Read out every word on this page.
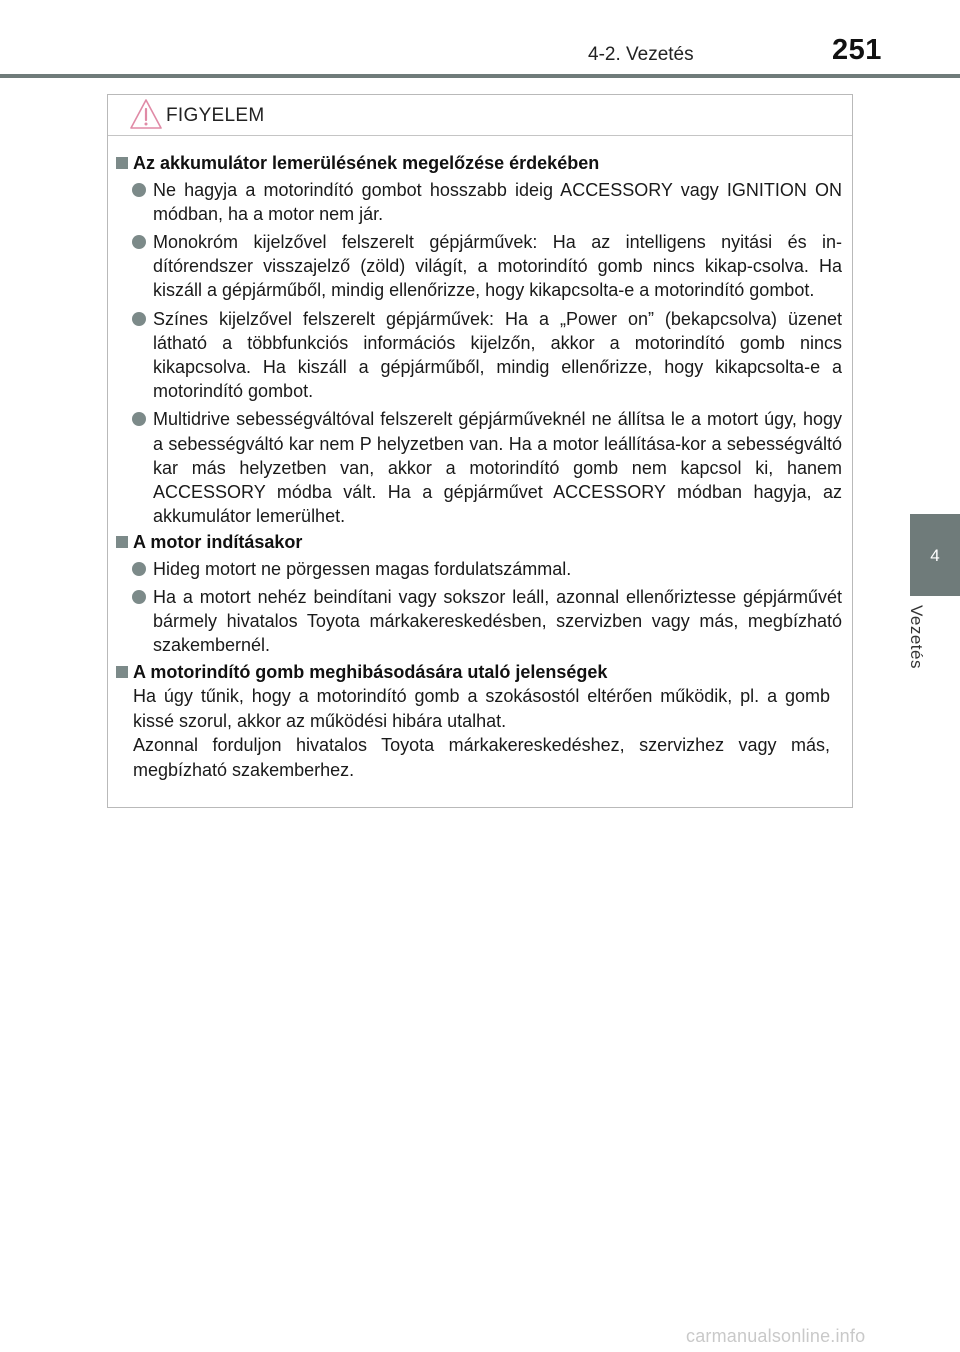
4-2. Vezetés	251
4
Vezetés
FIGYELEM
Az akkumulátor lemerülésének megelőzése érdekében
Ne hagyja a motorindító gombot hosszabb ideig ACCESSORY vagy IGNITION ON módban, ha a motor nem jár.
Monokróm kijelzővel felszerelt gépjárművek: Ha az intelligens nyitási és in-dítórendszer visszajelző (zöld) világít, a motorindító gomb nincs kikap-csolva. Ha kiszáll a gépjárműből, mindig ellenőrizze, hogy kikapcsolta-e a motorindító gombot.
Színes kijelzővel felszerelt gépjárművek: Ha a „Power on” (bekapcsolva) üzenet látható a többfunkciós információs kijelzőn, akkor a motorindító gomb nincs kikapcsolva. Ha kiszáll a gépjárműből, mindig ellenőrizze, hogy kikapcsolta-e a motorindító gombot.
Multidrive sebességváltóval felszerelt gépjárműveknél ne állítsa le a motort úgy, hogy a sebességváltó kar nem P helyzetben van. Ha a motor leállítása-kor a sebességváltó kar más helyzetben van, akkor a motorindító gomb nem kapcsol ki, hanem ACCESSORY módba vált. Ha a gépjárművet ACCESSORY módban hagyja, az akkumulátor lemerülhet.
A motor indításakor
Hideg motort ne pörgessen magas fordulatszámmal.
Ha a motort nehéz beindítani vagy sokszor leáll, azonnal ellenőriztesse gépjárművét bármely hivatalos Toyota márkakereskedésben, szervizben vagy más, megbízható szakembernél.
A motorindító gomb meghibásodására utaló jelenségek
Ha úgy tűnik, hogy a motorindító gomb a szokásostól eltérően működik, pl. a gomb kissé szorul, akkor az működési hibára utalhat.
Azonnal forduljon hivatalos Toyota márkakereskedéshez, szervizhez vagy más, megbízható szakemberhez.
carmanualsonline.info
